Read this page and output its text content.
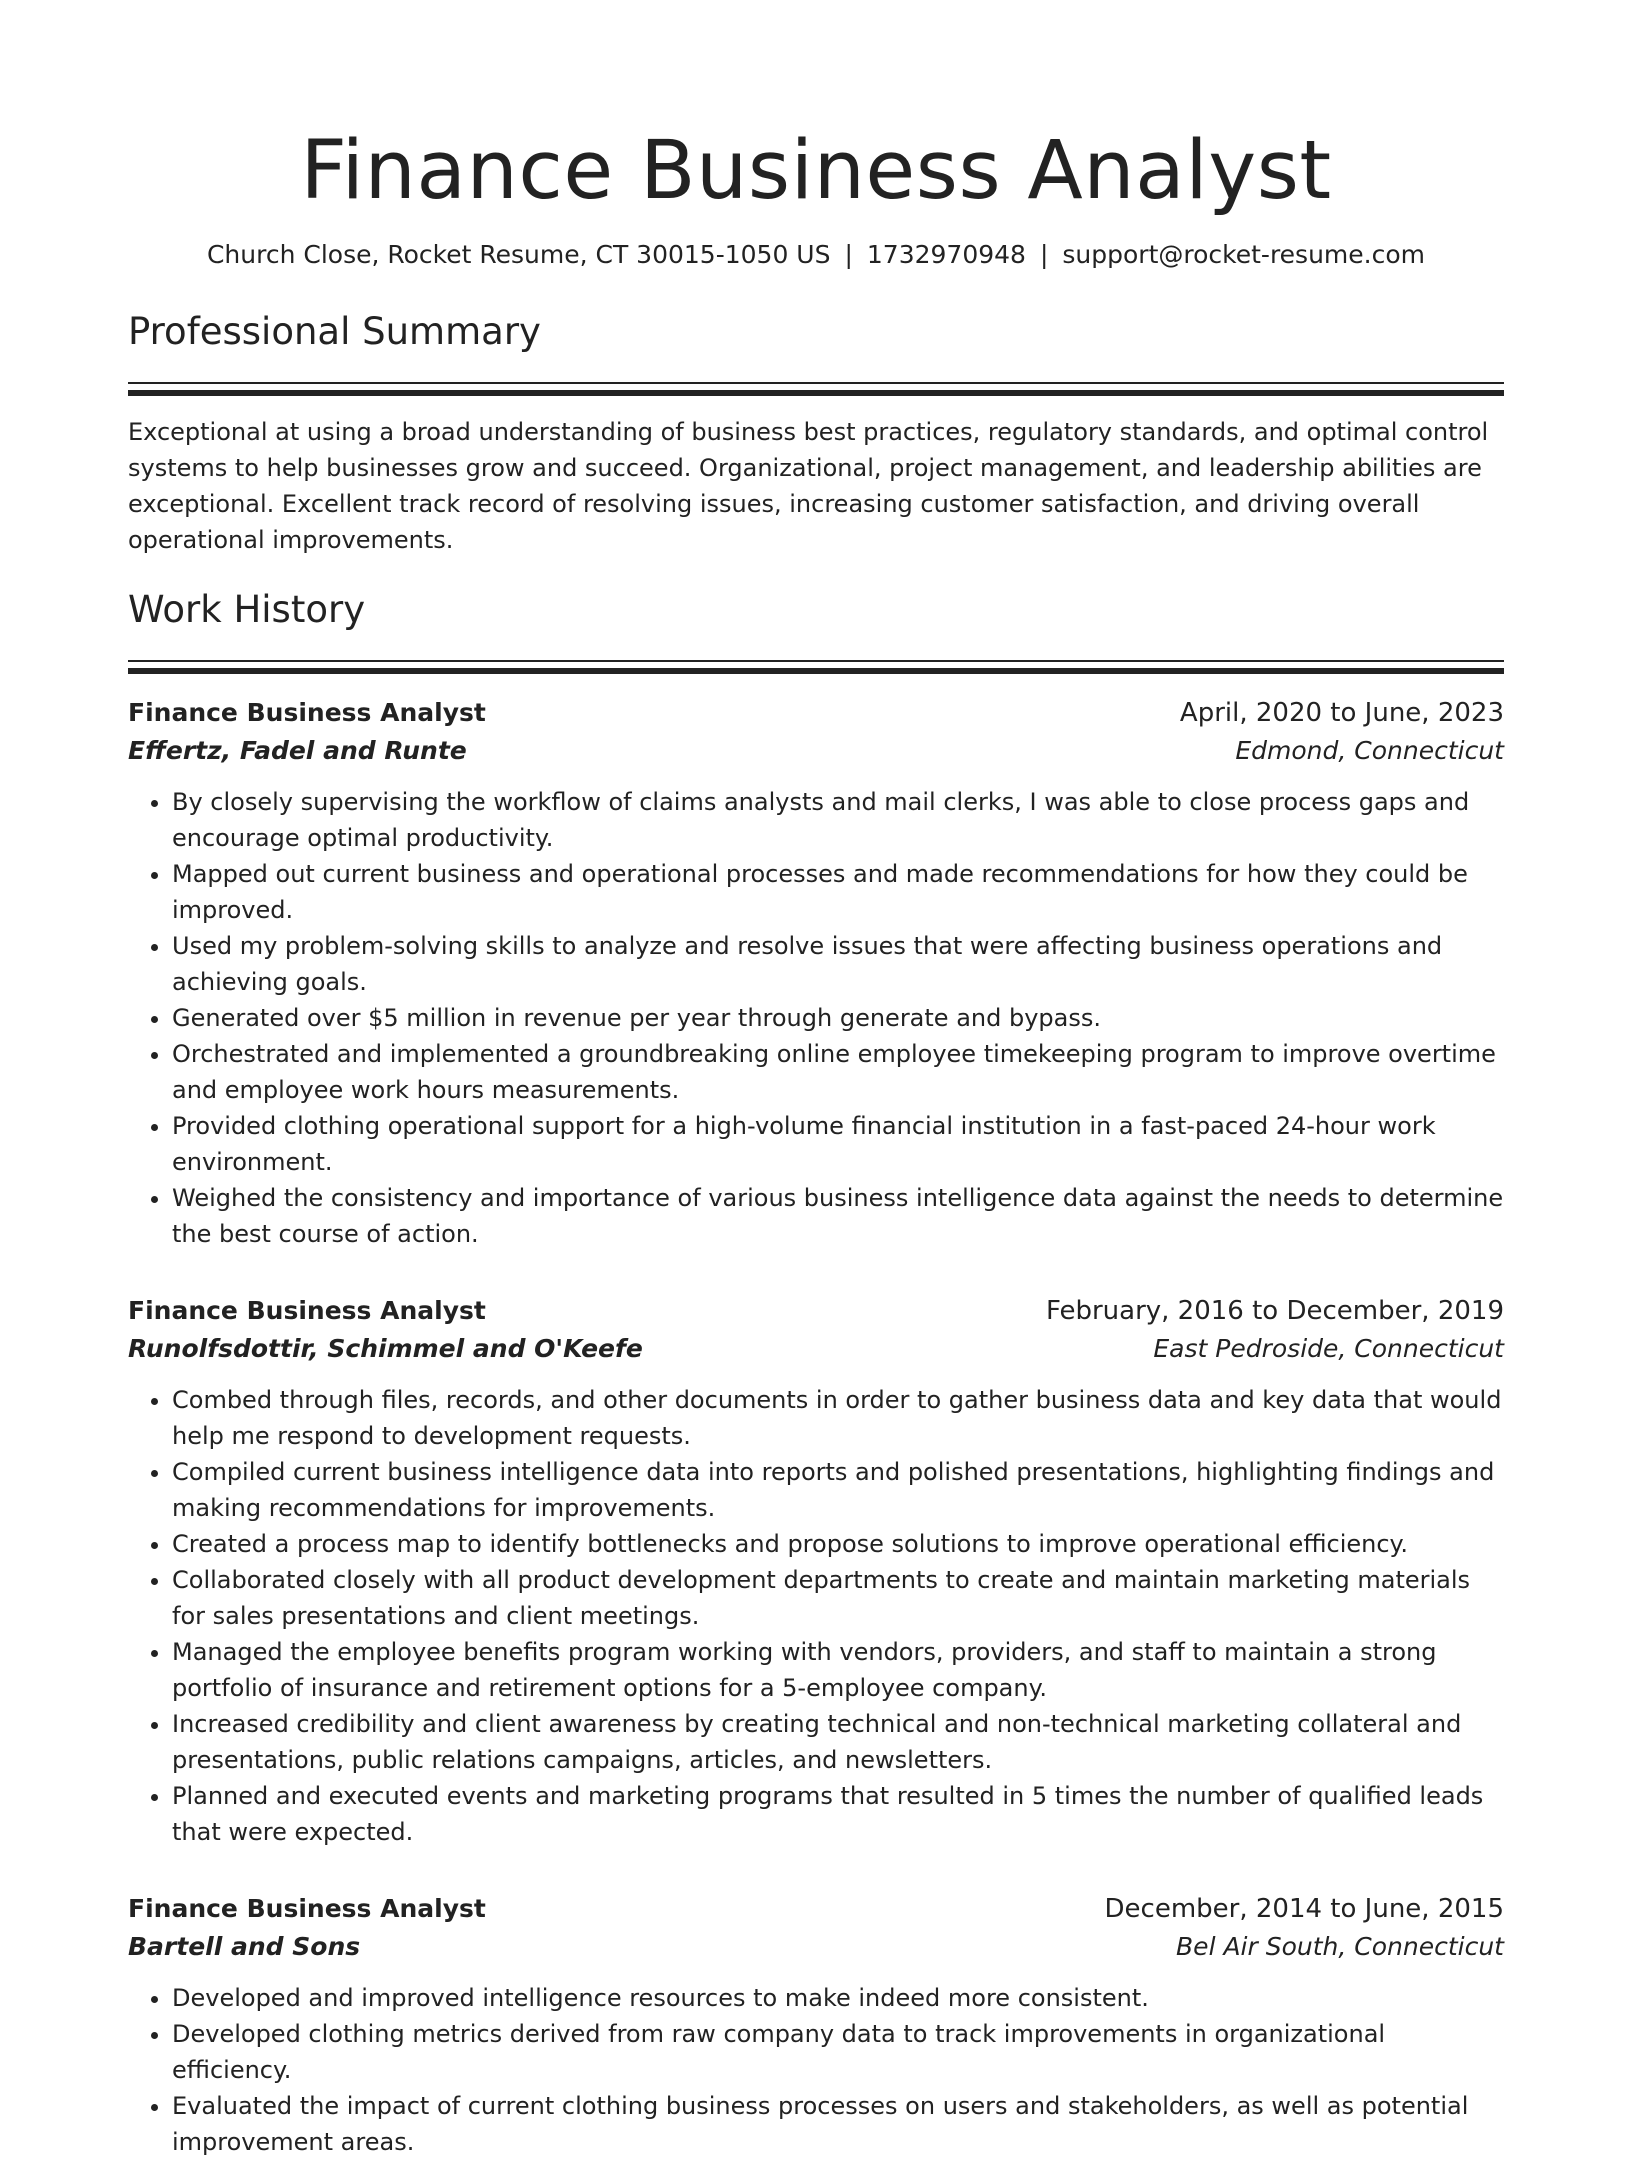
Finance Business Analyst
Church Close, Rocket Resume, CT 30015-1050 US | 1732970948 | support@rocket-resume.com
Professional Summary
Exceptional at using a broad understanding of business best practices, regulatory standards, and optimal control systems to help businesses grow and succeed. Organizational, project management, and leadership abilities are exceptional. Excellent track record of resolving issues, increasing customer satisfaction, and driving overall operational improvements.
Work History
Finance Business Analyst	April, 2020 to June, 2023
Effertz, Fadel and Runte	Edmond, Connecticut
• By closely supervising the workflow of claims analysts and mail clerks, I was able to close process gaps and encourage optimal productivity.
• Mapped out current business and operational processes and made recommendations for how they could be improved.
• Used my problem-solving skills to analyze and resolve issues that were affecting business operations and achieving goals.
• Generated over $5 million in revenue per year through generate and bypass.
• Orchestrated and implemented a groundbreaking online employee timekeeping program to improve overtime and employee work hours measurements.
• Provided clothing operational support for a high-volume financial institution in a fast-paced 24-hour work environment.
• Weighed the consistency and importance of various business intelligence data against the needs to determine the best course of action.
Finance Business Analyst	February, 2016 to December, 2019
Runolfsdottir, Schimmel and O'Keefe	East Pedroside, Connecticut
• Combed through files, records, and other documents in order to gather business data and key data that would help me respond to development requests.
• Compiled current business intelligence data into reports and polished presentations, highlighting findings and making recommendations for improvements.
• Created a process map to identify bottlenecks and propose solutions to improve operational efficiency.
• Collaborated closely with all product development departments to create and maintain marketing materials for sales presentations and client meetings.
• Managed the employee benefits program working with vendors, providers, and staff to maintain a strong portfolio of insurance and retirement options for a 5-employee company.
• Increased credibility and client awareness by creating technical and non-technical marketing collateral and presentations, public relations campaigns, articles, and newsletters.
• Planned and executed events and marketing programs that resulted in 5 times the number of qualified leads that were expected.
Finance Business Analyst	December, 2014 to June, 2015
Bartell and Sons	Bel Air South, Connecticut
• Developed and improved intelligence resources to make indeed more consistent.
• Developed clothing metrics derived from raw company data to track improvements in organizational efficiency.
• Evaluated the impact of current clothing business processes on users and stakeholders, as well as potential improvement areas.
